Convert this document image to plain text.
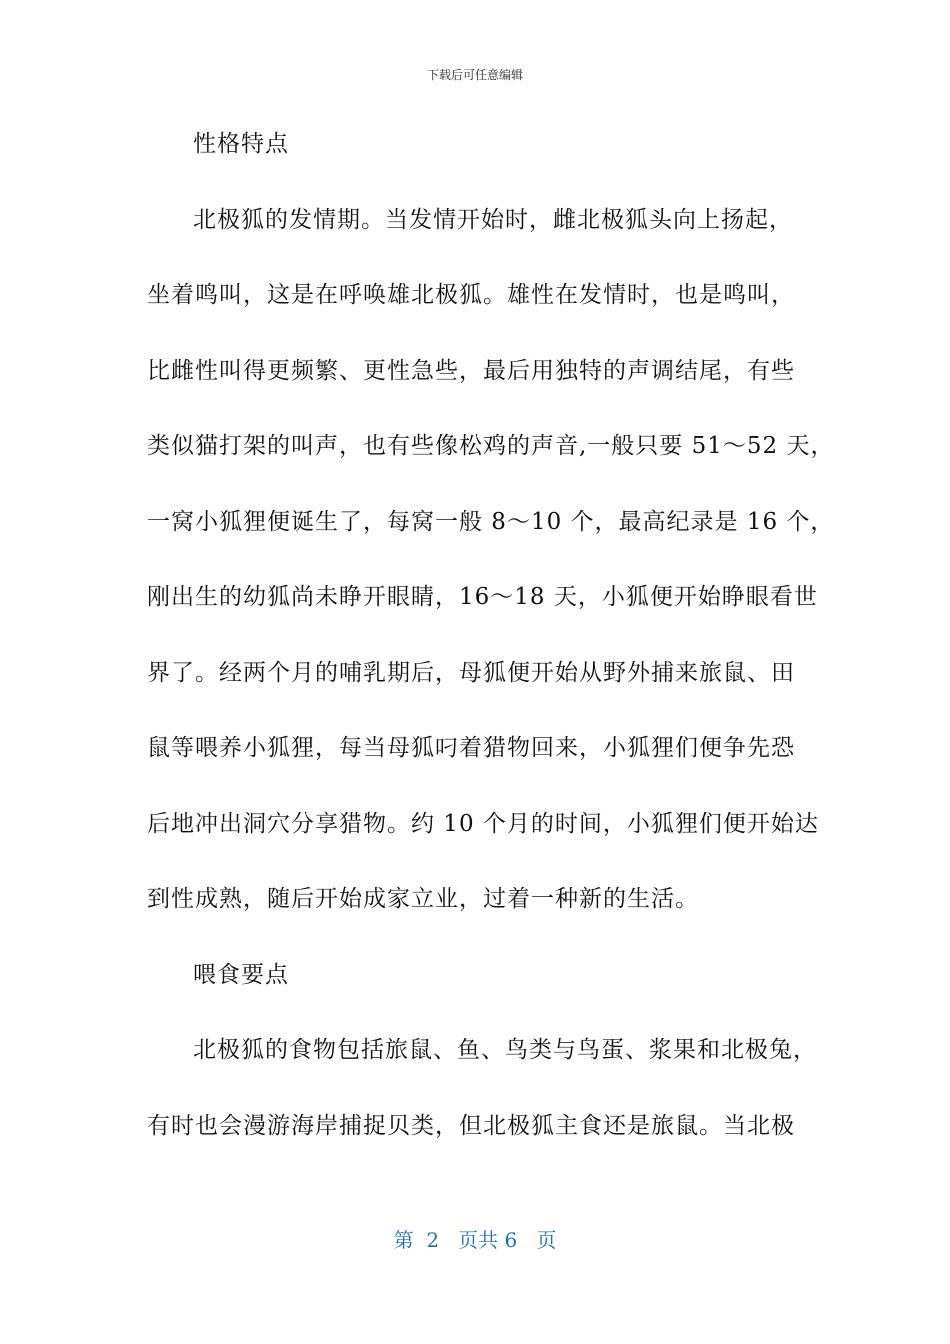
下载后可任意编辑
性格特点
北极狐的发情期。当发情开始时，雌北极狐头向上扬起，
坐着鸣叫，这是在呼唤雄北极狐。雄性在发情时，也是鸣叫，
比雌性叫得更频繁、更性急些，最后用独特的声调结尾，有些
类似猫打架的叫声，也有些像松鸡的声音,一般只要 51～52 天，
一窝小狐狸便诞生了，每窝一般 8～10 个，最高纪录是 16 个，
刚出生的幼狐尚未睁开眼睛，16～18 天，小狐便开始睁眼看世
界了。经两个月的哺乳期后，母狐便开始从野外捕来旅鼠、田
鼠等喂养小狐狸，每当母狐叼着猎物回来，小狐狸们便争先恐
后地冲出洞穴分享猎物。约 10 个月的时间，小狐狸们便开始达
到性成熟，随后开始成家立业，过着一种新的生活。
喂食要点
北极狐的食物包括旅鼠、鱼、鸟类与鸟蛋、浆果和北极兔，
有时也会漫游海岸捕捉贝类，但北极狐主食还是旅鼠。当北极
第  2   页共 6   页
